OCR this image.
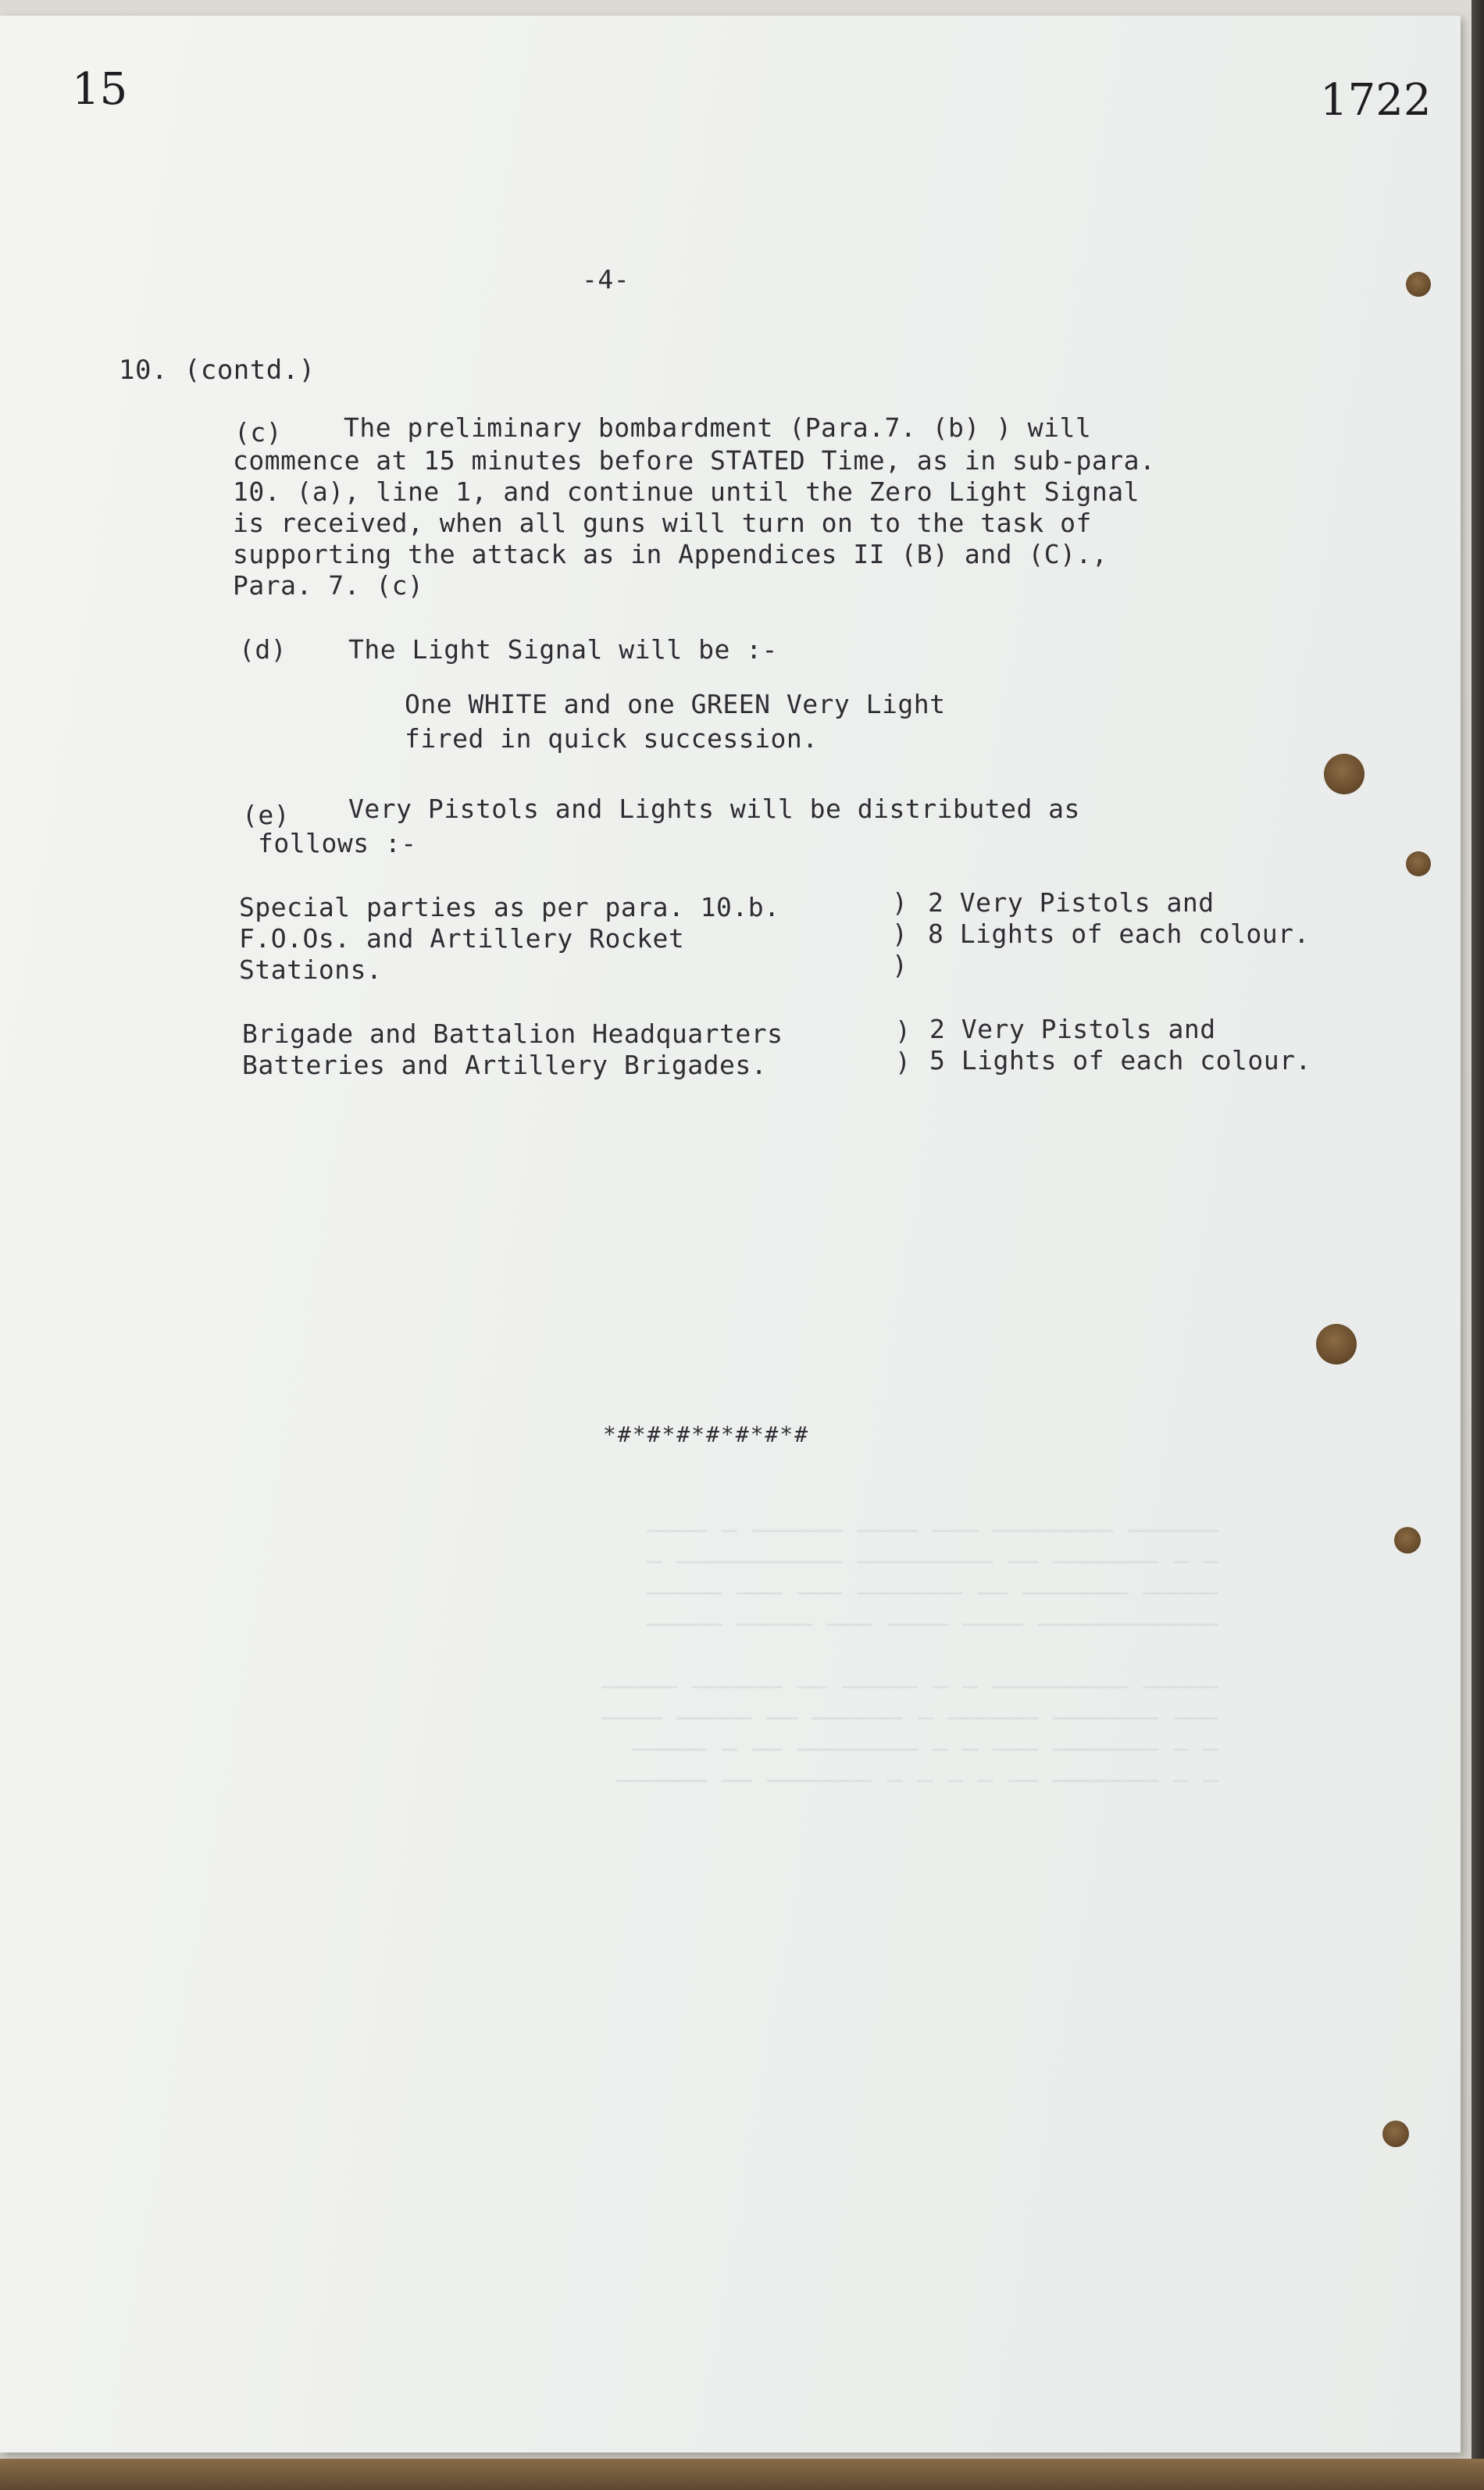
────── ──────── ─── ──── ────── ─ ────
─ ─ ─────── ── ───────── ─────────── ─
───── ─────── ── ─────── ─── ─── ─────
──────────── ──── ──── ─── ───── ─────

───── ───────── ─ ─ ───── ── ────── ─────
─── ─────── ────── ─ ────── ── ───── ────
─ ─ ─────── ─── ─ ─ ──────── ── ─ ─────
─ ─ ─────── ── ─ ─ ─ ─ ─────── ── ──────

15	1722
-4-
10. (contd.)
(c) The preliminary bombardment (Para.7. (b) ) will
commence at 15 minutes before STATED Time, as in sub-para.
10. (a), line 1, and continue until the Zero Light Signal
is received, when all guns will turn on to the task of
supporting the attack as in Appendices II (B) and (C).,
Para. 7. (c)
(d) The Light Signal will be :-
One WHITE and one GREEN Very Light
fired in quick succession.
(e) Very Pistols and Lights will be distributed as
follows :-
Special parties as per para. 10.b.
F.O.Os. and Artillery Rocket
Stations.
)
)
)
2 Very Pistols and
8 Lights of each colour.
Brigade and Battalion Headquarters
Batteries and Artillery Brigades.
)
)
2 Very Pistols and
5 Lights of each colour.
*#*#*#*#*#*#*#
